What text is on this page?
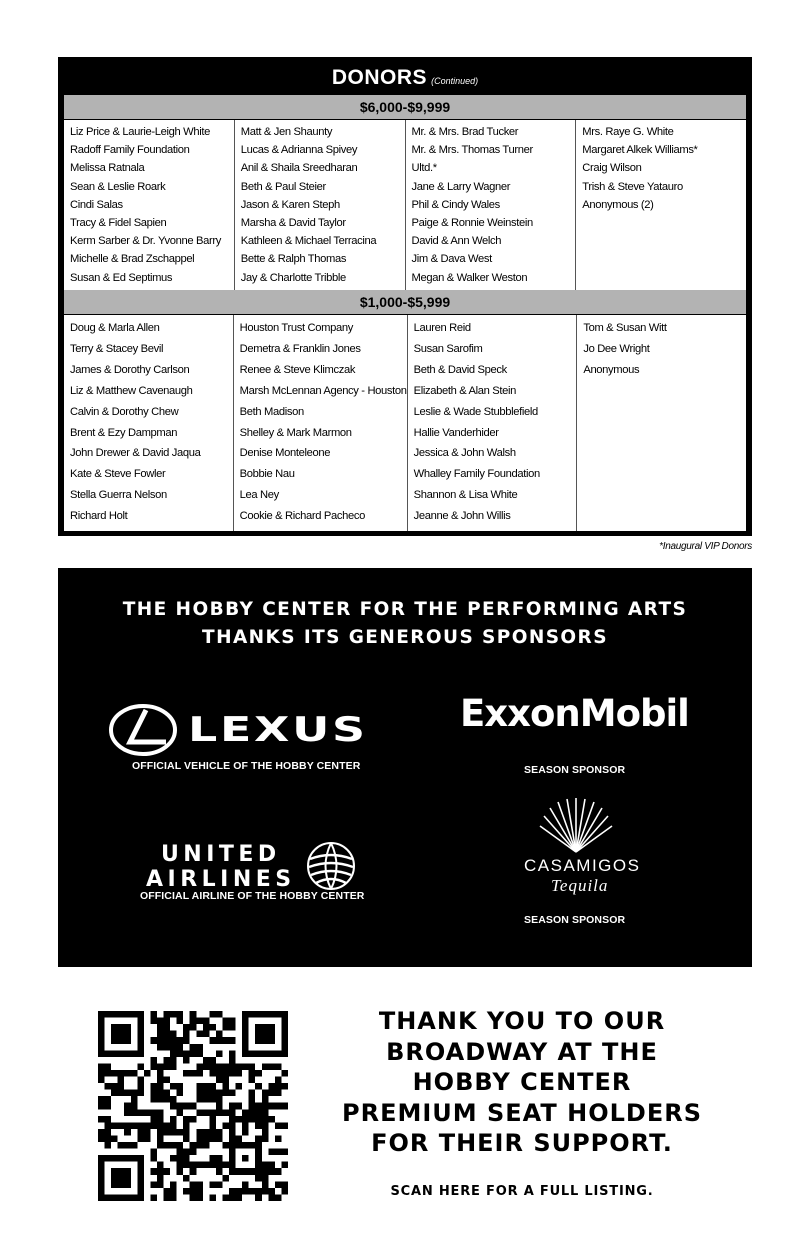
DONORS (Continued)
$6,000-$9,999
Liz Price & Laurie-Leigh White
Radoff Family Foundation
Melissa Ratnala
Sean & Leslie Roark
Cindi Salas
Tracy & Fidel Sapien
Kerm Sarber & Dr. Yvonne Barry
Michelle & Brad Zschappel
Susan & Ed Septimus
Matt & Jen Shaunty
Lucas & Adrianna Spivey
Anil & Shaila Sreedharan
Beth & Paul Steier
Jason & Karen Steph
Marsha & David Taylor
Kathleen & Michael Terracina
Bette & Ralph Thomas
Jay & Charlotte Tribble
Mr. & Mrs. Brad Tucker
Mr. & Mrs. Thomas Turner
Ultd.*
Jane & Larry Wagner
Phil & Cindy Wales
Paige & Ronnie Weinstein
David & Ann Welch
Jim & Dava West
Megan & Walker Weston
Mrs. Raye G. White
Margaret Alkek Williams*
Craig Wilson
Trish & Steve Yatauro
Anonymous (2)
$1,000-$5,999
Doug & Marla Allen
Terry & Stacey Bevil
James & Dorothy Carlson
Liz & Matthew Cavenaugh
Calvin & Dorothy Chew
Brent & Ezy Dampman
John Drewer & David Jaqua
Kate & Steve Fowler
Stella Guerra Nelson
Richard Holt
Houston Trust Company
Demetra & Franklin Jones
Renee & Steve Klimczak
Marsh McLennan Agency - Houston
Beth Madison
Shelley & Mark Marmon
Denise Monteleone
Bobbie Nau
Lea Ney
Cookie & Richard Pacheco
Lauren Reid
Susan Sarofim
Beth & David Speck
Elizabeth & Alan Stein
Leslie & Wade Stubblefield
Hallie Vanderhider
Jessica & John Walsh
Whalley Family Foundation
Shannon & Lisa White
Jeanne & John Willis
Tom & Susan Witt
Jo Dee Wright
Anonymous
*Inaugural VIP Donors
THE HOBBY CENTER FOR THE PERFORMING ARTS
THANKS ITS GENEROUS SPONSORS
LEXUS
OFFICIAL VEHICLE OF THE HOBBY CENTER
ExxonMobil
SEASON SPONSOR
UNITED
AIRLINES
OFFICIAL AIRLINE OF THE HOBBY CENTER
CASAMIGOS
Tequila
SEASON SPONSOR
THANK YOU TO OUR
BROADWAY AT THE
HOBBY CENTER
PREMIUM SEAT HOLDERS
FOR THEIR SUPPORT.
SCAN HERE FOR A FULL LISTING.
